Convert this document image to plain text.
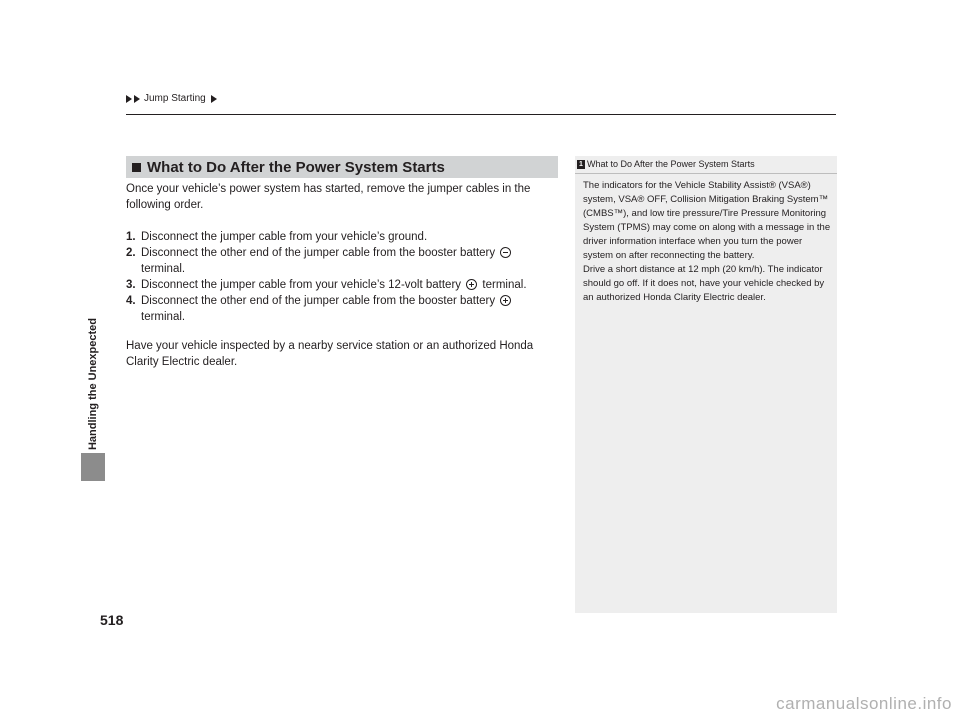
Jump Starting
Handling the Unexpected
What to Do After the Power System Starts
Once your vehicle’s power system has started, remove the jumper cables in the following order.
1. Disconnect the jumper cable from your vehicle’s ground.
2. Disconnect the other end of the jumper cable from the booster battery  terminal.
3. Disconnect the jumper cable from your vehicle’s 12-volt battery  terminal.
4. Disconnect the other end of the jumper cable from the booster battery  terminal.
Have your vehicle inspected by a nearby service station or an authorized Honda Clarity Electric dealer.
1 What to Do After the Power System Starts

The indicators for the Vehicle Stability Assist® (VSA®) system, VSA® OFF, Collision Mitigation Braking System™ (CMBS™), and low tire pressure/Tire Pressure Monitoring System (TPMS) may come on along with a message in the driver information interface when you turn the power system on after reconnecting the battery.

Drive a short distance at 12 mph (20 km/h). The indicator should go off. If it does not, have your vehicle checked by an authorized Honda Clarity Electric dealer.

518
carmanualsonline.info
